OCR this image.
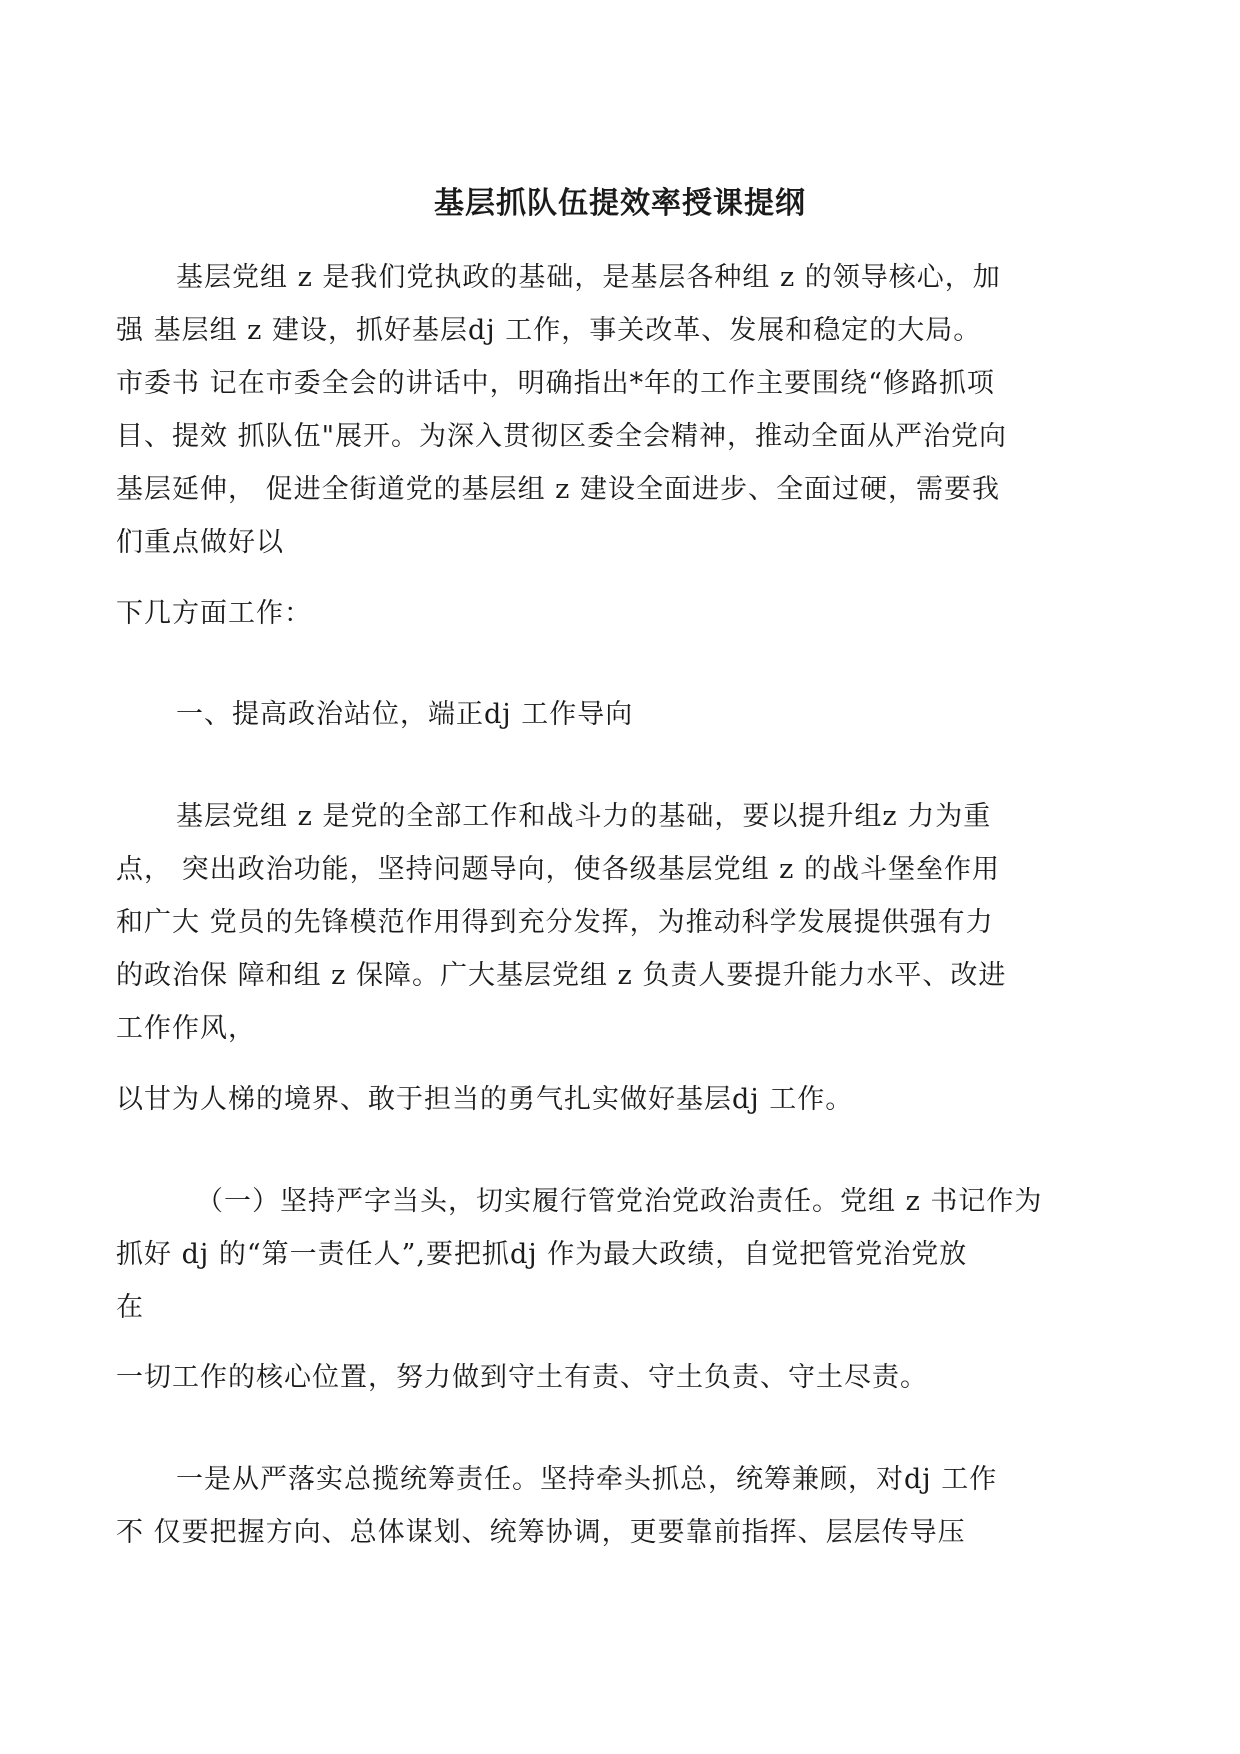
基层抓队伍提效率授课提纲
基层党组 z 是我们党执政的基础，是基层各种组 z 的领导核心，加
强 基层组 z 建设，抓好基层dj 工作，事关改革、发展和稳定的大局。
市委书 记在市委全会的讲话中，明确指出*年的工作主要围绕“修路抓项
目、提效 抓队伍"展开。为深入贯彻区委全会精神，推动全面从严治党向
基层延伸， 促进全街道党的基层组 z 建设全面进步、全面过硬，需要我
们重点做好以
下几方面工作：
一、提高政治站位，端正dj 工作导向
基层党组 z 是党的全部工作和战斗力的基础，要以提升组z 力为重
点， 突出政治功能，坚持问题导向，使各级基层党组 z 的战斗堡垒作用
和广大 党员的先锋模范作用得到充分发挥，为推动科学发展提供强有力
的政治保 障和组 z 保障。广大基层党组 z 负责人要提升能力水平、改进
工作作风，
以甘为人梯的境界、敢于担当的勇气扎实做好基层dj 工作。
（一）坚持严字当头，切实履行管党治党政治责任。党组 z 书记作为
抓好 dj 的“第一责任人”,要把抓dj 作为最大政绩，自觉把管党治党放
在
一切工作的核心位置，努力做到守土有责、守土负责、守土尽责。
一是从严落实总揽统筹责任。坚持牵头抓总，统筹兼顾，对dj 工作
不 仅要把握方向、总体谋划、统筹协调，更要靠前指挥、层层传导压
